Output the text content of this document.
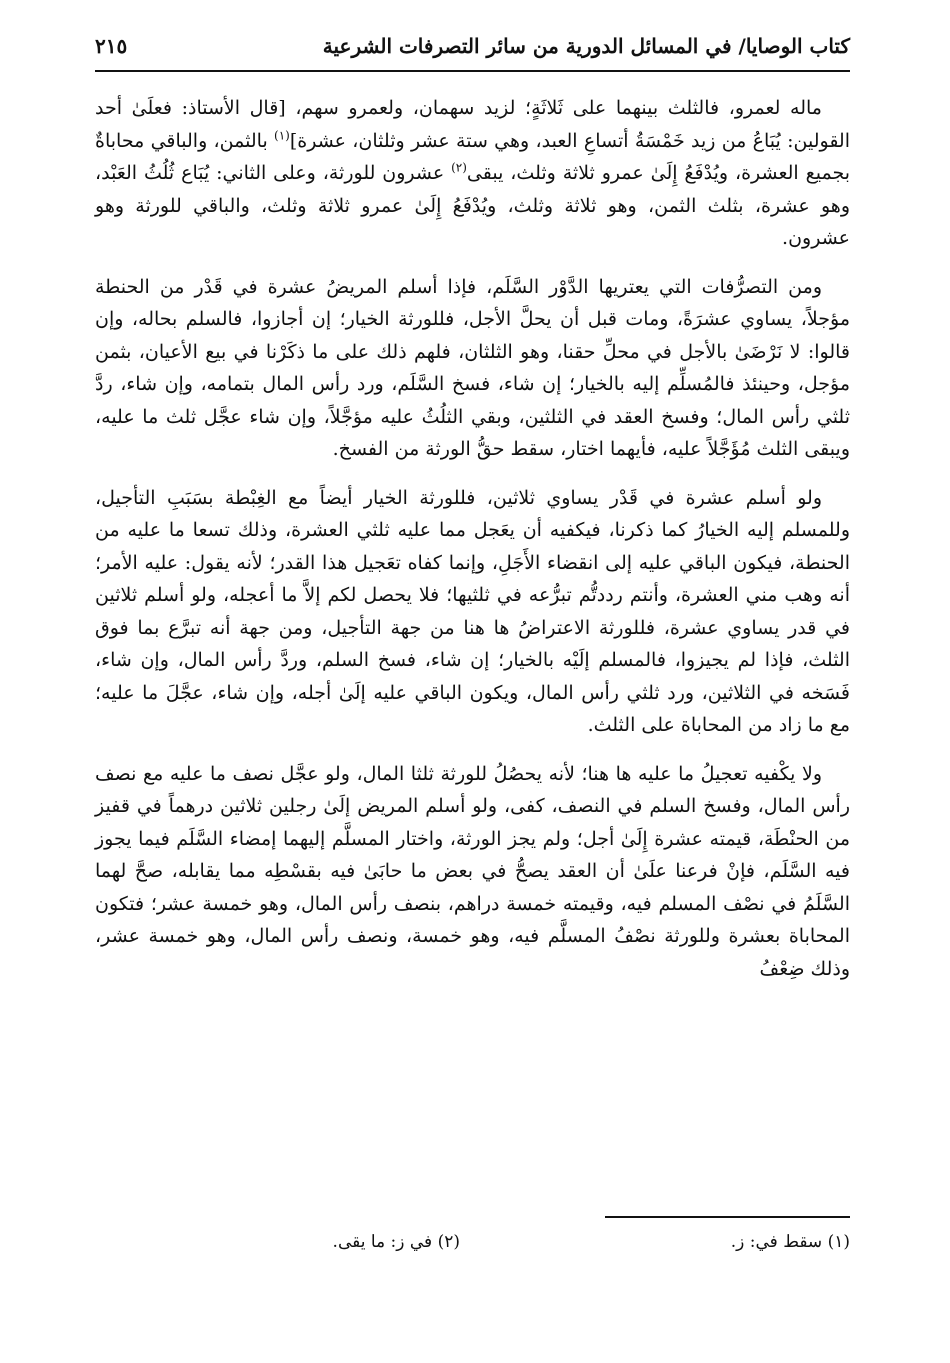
كتاب الوصايا/ في المسائل الدورية من سائر التصرفات الشرعية
٢١٥

ماله لعمرو، فالثلث بينهما على ثَلاثَةٍ؛ لزيد سهمان، ولعمرو سهم، [قال الأستاذ: فعلَىٰ أحد القولين: يُبَاعُ من زيد خَمْسَةُ أتساعِ العبد، وهي ستة عشر وثلثان، عشرة]$^{(١)}$ بالثمن، والباقي محاباةٌ بجميع العشرة، ويُدْفَعُ إِلَىٰ عمرو ثلاثة وثلث، يبقى$^{(٢)}$ عشرون للورثة، وعلى الثاني: يُبَاع ثُلُثُ العَبْد، وهو عشرة، بثلث الثمن، وهو ثلاثة وثلث، ويُدْفَعُ إِلَىٰ عمرو ثلاثة وثلث، والباقي للورثة وهو عشرون.

ومن التصرُّفات التي يعتريها الدَّوْر السَّلَم، فإذا أسلم المريضُ عشرة في قَدْر من الحنطة مؤجلاً، يساوي عشرَةً، ومات قبل أن يحلَّ الأجل، فللورثة الخيار؛ إن أجازوا، فالسلم بحاله، وإن قالوا: لا نَرْضَىٰ بالأجل في محلِّ حقنا، وهو الثلثان، فلهم ذلك على ما ذكَرْنا في بيع الأعيان، بثمن مؤجل، وحينئذ فالمُسلِّم إليه بالخيار؛ إن شاء، فسخ السَّلَم، ورد رأس المال بتمامه، وإن شاء، ردَّ ثلثي رأس المال؛ وفسخ العقد في الثلثين، وبقي الثلُثُ عليه مؤجَّلاً، وإن شاء عجَّل ثلث ما عليه، ويبقى الثلث مُؤَجَّلاً عليه، فأيهما اختار، سقط حقُّ الورثة من الفسخ.

ولو أسلم عشرة في قَدْر يساوي ثلاثين، فللورثة الخيار أيضاً مع الغِبْطة بسَبَبِ التأجيل، وللمسلم إليه الخيارُ كما ذكرنا، فيكفيه أن يعَجل مما عليه ثلثي العشرة، وذلك تسعا ما عليه من الحنطة، فيكون الباقي عليه إلى انقضاء الأَجَلِ، وإنما كفاه تعَجيل هذا القدر؛ لأنه يقول: عليه الأمر؛ أنه وهب مني العشرة، وأنتم رددتُّم تبرُّعه في ثلثيها؛ فلا يحصل لكم إلاَّ ما أعجله، ولو أسلم ثلاثين في قدر يساوي عشرة، فللورثة الاعتراضُ ها هنا من جهة التأجيل، ومن جهة أنه تبرَّع بما فوق الثلث، فإذا لم يجيزوا، فالمسلم إلَيْه بالخيار؛ إن شاء، فسخ السلم، وردَّ رأس المال، وإن شاء، فَسَخه في الثلاثين، ورد ثلثي رأس المال، ويكون الباقي عليه إلَىٰ أجله، وإن شاء، عجَّلَ ما عليه؛ مع ما زاد من المحاباة على الثلث.

ولا يكْفيه تعجيلُ ما عليه ها هنا؛ لأنه يحصُلُ للورثة ثلثا المال، ولو عجَّل نصف ما عليه مع نصف رأس المال، وفسخ السلم في النصف، كفى، ولو أسلم المريض إلَىٰ رجلين ثلاثين درهماً في قفيز من الحنْطَة، قيمته عشرة إِلَىٰ أجل؛ ولم يجز الورثة، واختار المسلَّم إليهما إمضاء السَّلَم فيما يجوز فيه السَّلَم، فإنْ فرعنا علَىٰ أن العقد يصحُّ في بعض ما حابَىٰ فيه بقسْطِه مما يقابله، صحَّ لهما السَّلَمُ في نصْف المسلم فيه، وقيمته خمسة دراهم، بنصف رأس المال، وهو خمسة عشر؛ فتكون المحاباة بعشرة وللورثة نصْفُ المسلَّم فيه، وهو خمسة، ونصف رأس المال، وهو خمسة عشر، وذلك ضِعْفُ

(١) سقط في: ز.
(٢) في ز: ما يقى.
